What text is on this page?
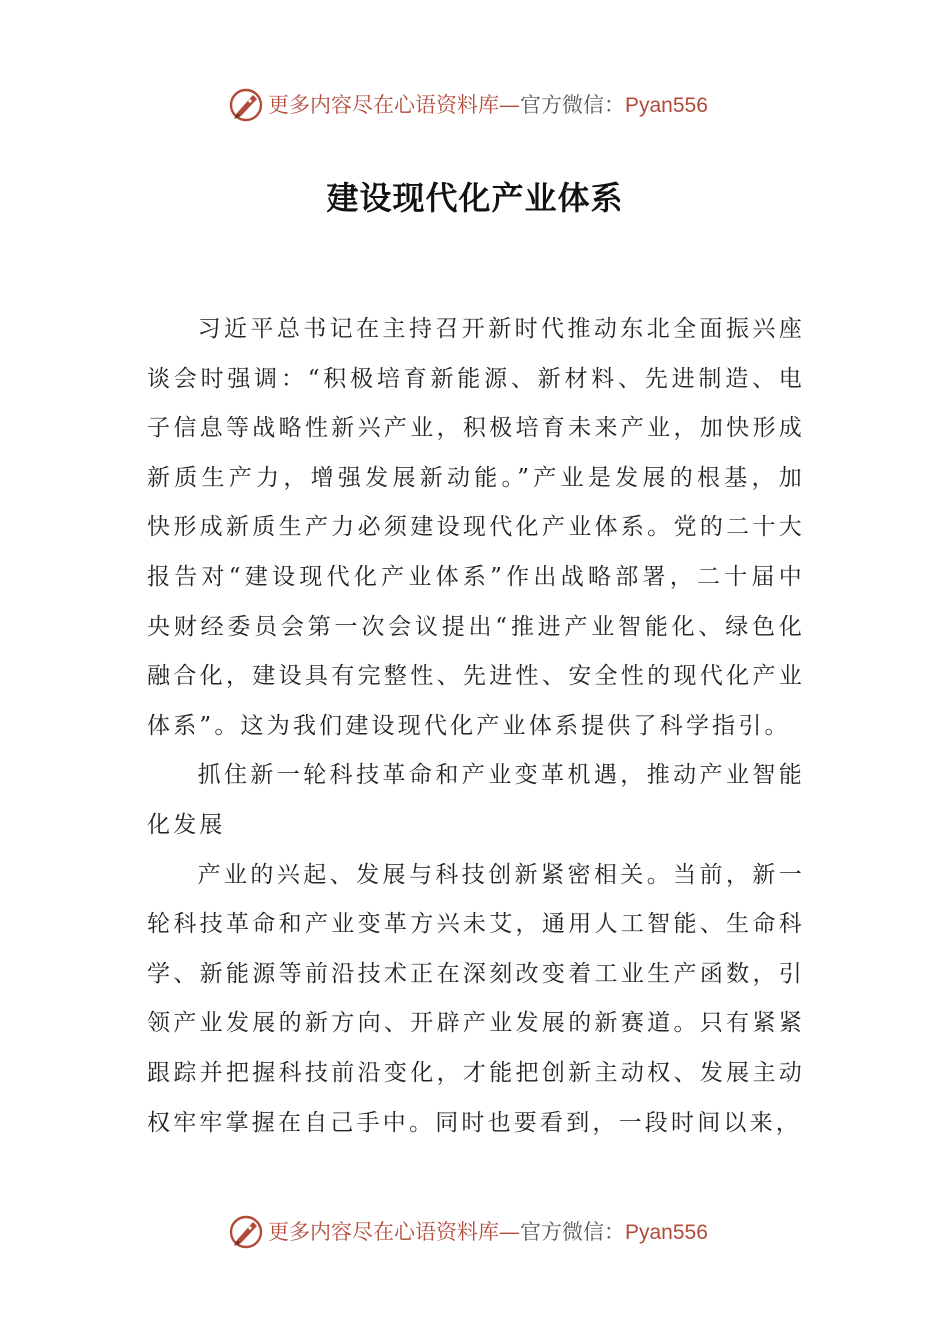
更多内容尽在心语资料库—官方微信：Pyan556
建设现代化产业体系

习近平总书记在主持召开新时代推动东北全面振兴座谈会时强调：“积极培育新能源、新材料、先进制造、电子信息等战略性新兴产业，积极培育未来产业，加快形成新质生产力，增强发展新动能。”产业是发展的根基，加快形成新质生产力必须建设现代化产业体系。党的二十大报告对“建设现代化产业体系”作出战略部署，二十届中央财经委员会第一次会议提出“推进产业智能化、绿色化融合化，建设具有完整性、先进性、安全性的现代化产业体系”。这为我们建设现代化产业体系提供了科学指引。

抓住新一轮科技革命和产业变革机遇，推动产业智能化发展

产业的兴起、发展与科技创新紧密相关。当前，新一轮科技革命和产业变革方兴未艾，通用人工智能、生命科学、新能源等前沿技术正在深刻改变着工业生产函数，引领产业发展的新方向、开辟产业发展的新赛道。只有紧紧跟踪并把握科技前沿变化，才能把创新主动权、发展主动权牢牢掌握在自己手中。同时也要看到，一段时间以来，

更多内容尽在心语资料库—官方微信：Pyan556
